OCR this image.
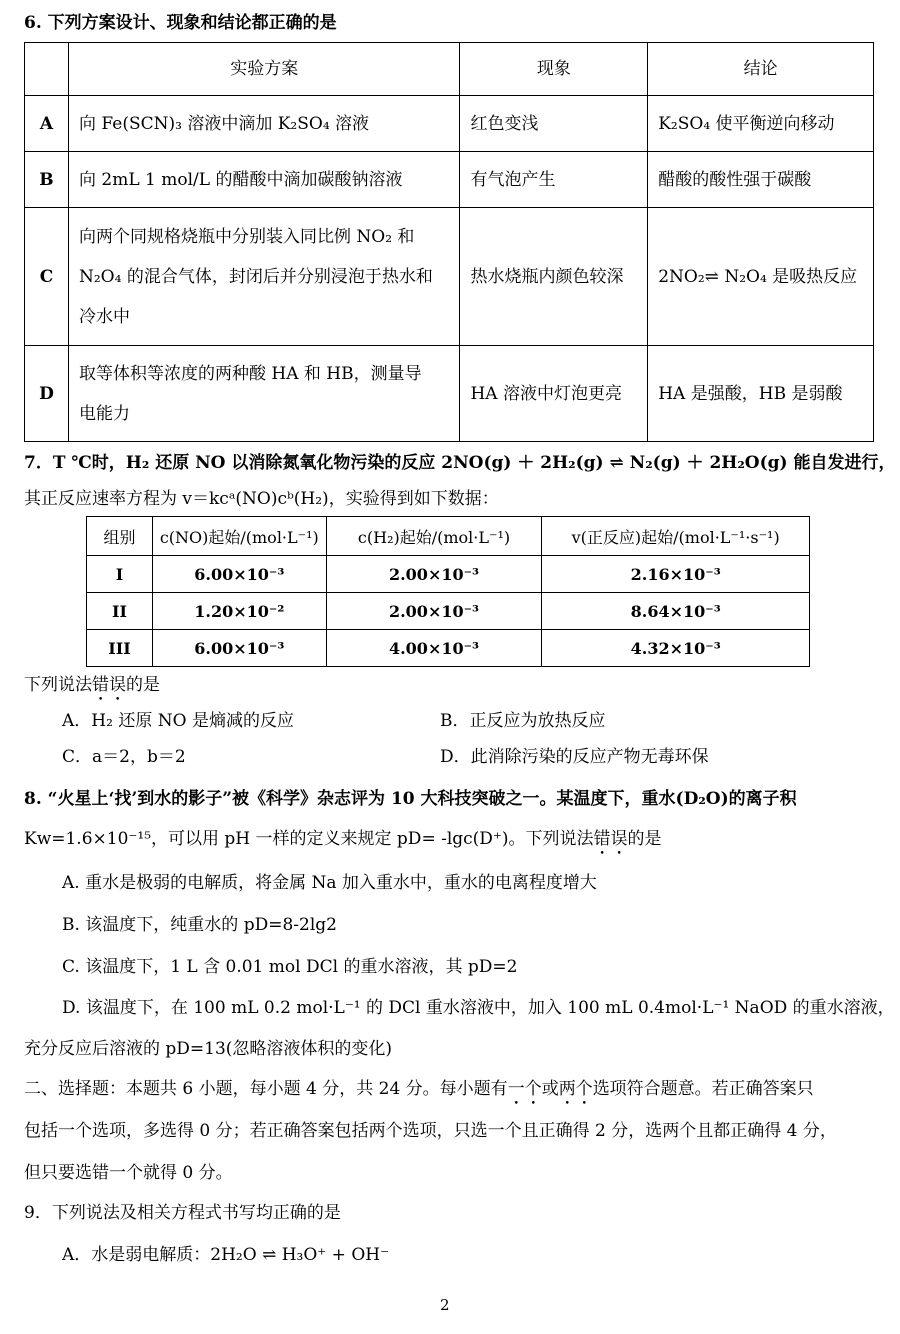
6. 下列方案设计、现象和结论都正确的是
	实验方案	现象	结论
A	向 Fe(SCN)₃ 溶液中滴加 K₂SO₄ 溶液	红色变浅	K₂SO₄ 使平衡逆向移动
B	向 2mL 1 mol/L 的醋酸中滴加碳酸钠溶液	有气泡产生	醋酸的酸性强于碳酸
C	向两个同规格烧瓶中分别装入同比例 NO₂ 和
N₂O₄ 的混合气体，封闭后并分别浸泡于热水和
冷水中	热水烧瓶内颜色较深	2NO₂⇌ N₂O₄ 是吸热反应
D	取等体积等浓度的两种酸 HA 和 HB，测量导
电能力	HA 溶液中灯泡更亮	HA 是强酸，HB 是弱酸
7．T ℃时，H₂ 还原 NO 以消除氮氧化物污染的反应 2NO(g) ＋ 2H₂(g) ⇌ N₂(g) ＋ 2H₂O(g) 能自发进行，
其正反应速率方程为 v＝kcᵃ(NO)cᵇ(H₂)，实验得到如下数据：
组别	c(NO)起始/(mol·L⁻¹)	c(H₂)起始/(mol·L⁻¹)	v(正反应)起始/(mol·L⁻¹·s⁻¹)
I	6.00×10⁻³	2.00×10⁻³	2.16×10⁻³
II	1.20×10⁻²	2.00×10⁻³	8.64×10⁻³
III	6.00×10⁻³	4.00×10⁻³	4.32×10⁻³
下列说法错误的是
A．H₂ 还原 NO 是熵减的反应	B．正反应为放热反应
C．a＝2，b＝2	D．此消除污染的反应产物无毒环保
8. “火星上‘找’到水的影子”被《科学》杂志评为 10 大科技突破之一。某温度下，重水(D₂O)的离子积
Kw=1.6×10⁻¹⁵，可以用 pH 一样的定义来规定 pD= -lgc(D⁺)。下列说法错误的是
A. 重水是极弱的电解质，将金属 Na 加入重水中，重水的电离程度增大
B. 该温度下，纯重水的 pD=8-2lg2
C. 该温度下，1 L 含 0.01 mol DCl 的重水溶液，其 pD=2
D. 该温度下，在 100 mL 0.2 mol·L⁻¹ 的 DCl 重水溶液中，加入 100 mL 0.4mol·L⁻¹ NaOD 的重水溶液，
充分反应后溶液的 pD=13(忽略溶液体积的变化)
二、选择题：本题共 6 小题，每小题 4 分，共 24 分。每小题有一个或两个选项符合题意。若正确答案只
包括一个选项，多选得 0 分；若正确答案包括两个选项，只选一个且正确得 2 分，选两个且都正确得 4 分，
但只要选错一个就得 0 分。
9．下列说法及相关方程式书写均正确的是
A．水是弱电解质：2H₂O ⇌ H₃O⁺ + OH⁻
2
